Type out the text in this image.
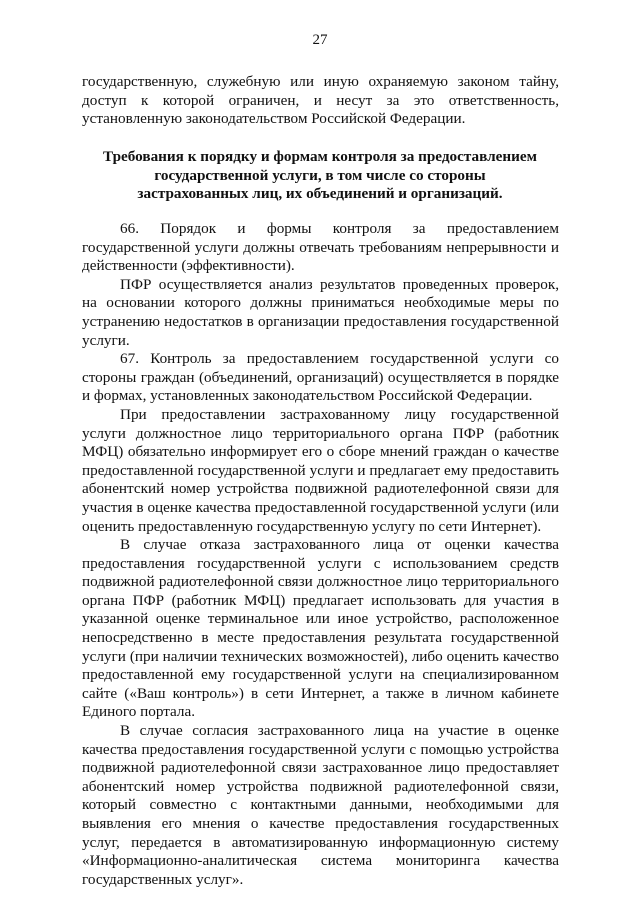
27
государственную, служебную или иную охраняемую законом тайну, доступ к которой ограничен, и несут за это ответственность, установленную законодательством Российской Федерации.
Требования к порядку и формам контроля за предоставлением государственной услуги, в том числе со стороны застрахованных лиц, их объединений и организаций.

66. Порядок и формы контроля за предоставлением государственной услуги должны отвечать требованиям непрерывности и действенности (эффективности).

ПФР осуществляется анализ результатов проведенных проверок, на основании которого должны приниматься необходимые меры по устранению недостатков в организации предоставления государственной услуги.

67. Контроль за предоставлением государственной услуги со стороны граждан (объединений, организаций) осуществляется в порядке и формах, установленных законодательством Российской Федерации.

При предоставлении застрахованному лицу государственной услуги должностное лицо территориального органа ПФР (работник МФЦ) обязательно информирует его о сборе мнений граждан о качестве предоставленной государственной услуги и предлагает ему предоставить абонентский номер устройства подвижной радиотелефонной связи для участия в оценке качества предоставленной государственной услуги (или оценить предоставленную государственную услугу по сети Интернет).

В случае отказа застрахованного лица от оценки качества предоставления государственной услуги с использованием средств подвижной радиотелефонной связи должностное лицо территориального органа ПФР (работник МФЦ) предлагает использовать для участия в указанной оценке терминальное или иное устройство, расположенное непосредственно в месте предоставления результата государственной услуги (при наличии технических возможностей), либо оценить качество предоставленной ему государственной услуги на специализированном сайте («Ваш контроль») в сети Интернет, а также в личном кабинете Единого портала.

В случае согласия застрахованного лица на участие в оценке качества предоставления государственной услуги с помощью устройства подвижной радиотелефонной связи застрахованное лицо предоставляет абонентский номер устройства подвижной радиотелефонной связи, который совместно с контактными данными, необходимыми для выявления его мнения о качестве предоставления государственных услуг, передается в автоматизированную информационную систему «Информационно-аналитическая система мониторинга качества государственных услуг».
